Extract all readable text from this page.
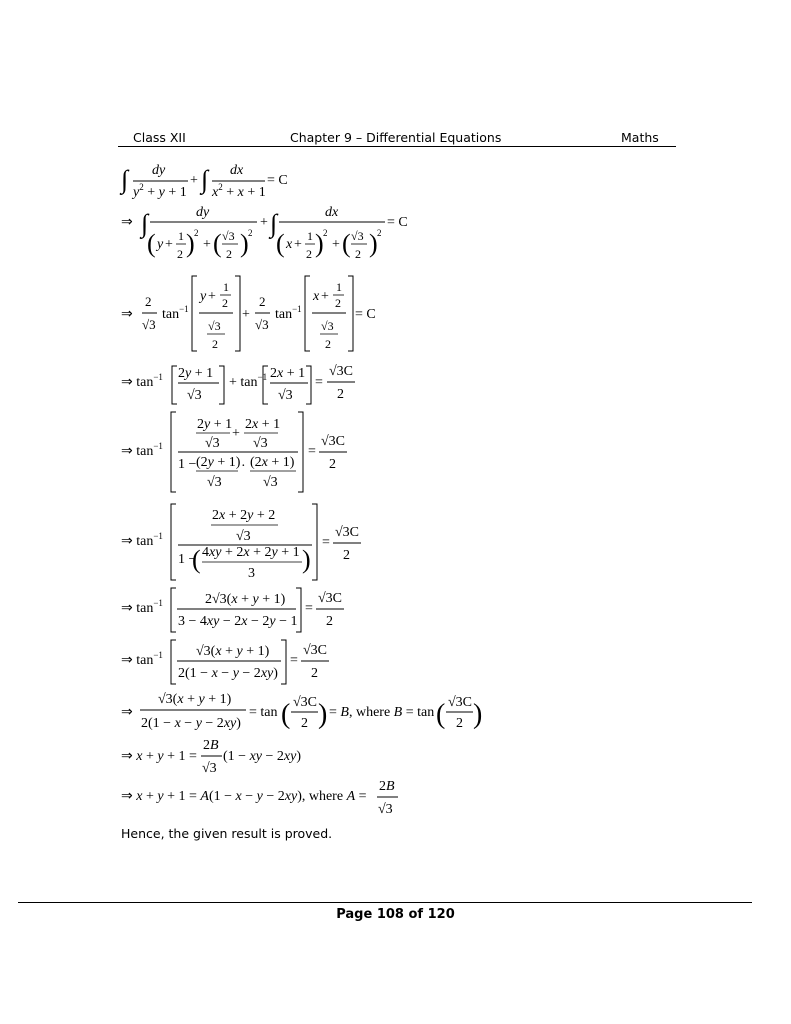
Class XII	Chapter 9 – Differential Equations	Maths
∫ dy
$y^2 + y + 1$
+ ∫ dx
$x^2 + x + 1$
= C
⇒ ∫	dy
( y +
1
2 ) 2
+ ( √3
2 ) 2
+ ∫	dx
( x +
1
2 ) 2
+ ( √3
2 ) 2
= C
⇒
2
√3
$\tan^{-1}$
y +
1
2
√3
2
+
2
√3
$\tan^{-1}$
x +
1
2
√3
2
= C
⇒ $\tan^{-1} 2y + 1$
√3
+ $\tan^{-1} 2x + 1$
√3
=
√3C
2
⇒ $\tan^{-1}$
2y + 1
√3
+
2x + 1
√3
1 − (2y + 1)
√3
· (2x + 1)
√3
=
√3C
2
⇒ $\tan^{-1}$
2x + 2y + 2
√3
1 −
( 4xy + 2x + 2y + 1
3 )
=
√3C
2
⇒ $\tan^{-1}$	2√3(x + y + 1)
3 − 4xy − 2x − 2y − 1
=
√3C
2
⇒ $\tan^{-1} √3(x + y + 1)$
2(1 − x − y − 2xy)
=
√3C
2
⇒
√3(x + y + 1)
2(1 − x − y − 2xy)
= tan ( √3C
2 ) = B, where B = tan ( √3C
2 )
⇒ x + y + 1 =
2B
√3
(1 − xy − 2xy)
⇒ x + y + 1 = A(1 − x − y − 2xy), where A =
2B
√3
Hence, the given result is proved.
Page 108 of 120
